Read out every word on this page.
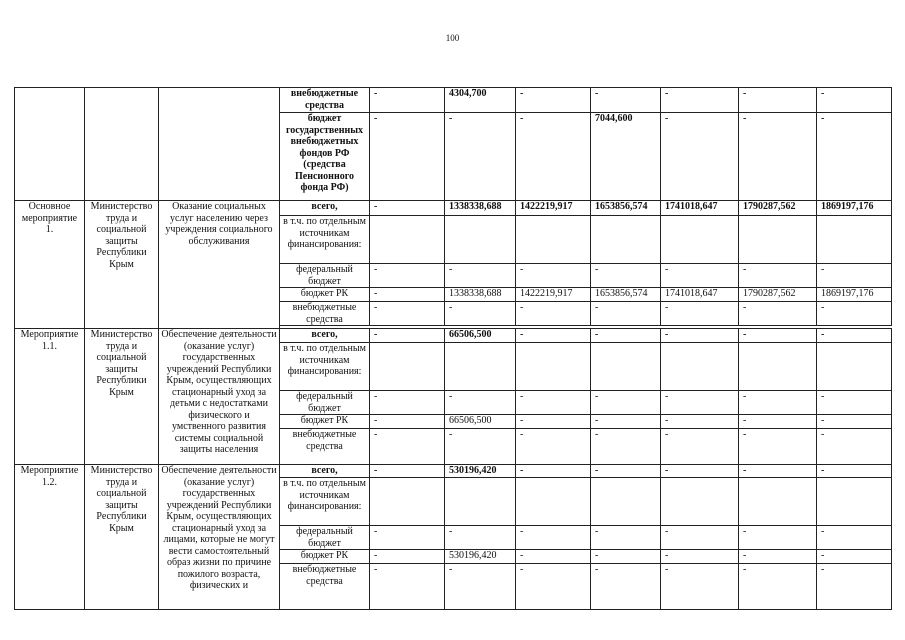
100
			внебюджетные средства	-	4304,700	-	-	-	-	-
			бюджет государственных внебюджетных фондов РФ (средства Пенсионного фонда РФ)	-	-	-	7044,600	-	-	-
Основное мероприятие 1.	Министерство труда и социальной защиты Республики Крым	Оказание социальных услуг населению через учреждения социального обслуживания	всего,	-	1338338,688	1422219,917	1653856,574	1741018,647	1790287,562	1869197,176
			в т.ч. по отдельным источникам финансирования:							
			федеральный бюджет	-	-	-	-	-	-	-
			бюджет РК	-	1338338,688	1422219,917	1653856,574	1741018,647	1790287,562	1869197,176
			внебюджетные средства	-	-	-	-	-	-	-

Мероприятие 1.1.	Министерство труда и социальной защиты Республики Крым	Обеспечение деятельности (оказание услуг) государственных учреждений Республики Крым, осуществляющих стационарный уход за детьми с недостатками физического и умственного развития системы социальной защиты населения	всего,	-	66506,500	-	-	-	-	-
			в т.ч. по отдельным источникам финансирования:							
			федеральный бюджет	-	-	-	-	-	-	-
			бюджет РК	-	66506,500	-	-	-	-	-
			внебюджетные средства	-	-	-	-	-	-	-
Мероприятие 1.2.	Министерство труда и социальной защиты Республики Крым	Обеспечение деятельности (оказание услуг) государственных учреждений Республики Крым, осуществляющих стационарный уход за лицами, которые не могут вести самостоятельный образ жизни по причине пожилого возраста, физических и	всего,	-	530196,420	-	-	-	-	-
			в т.ч. по отдельным источникам финансирования:							
			федеральный бюджет	-	-	-	-	-	-	-
			бюджет РК	-	530196,420	-	-	-	-	-
			внебюджетные средства	-	-	-	-	-	-	-
